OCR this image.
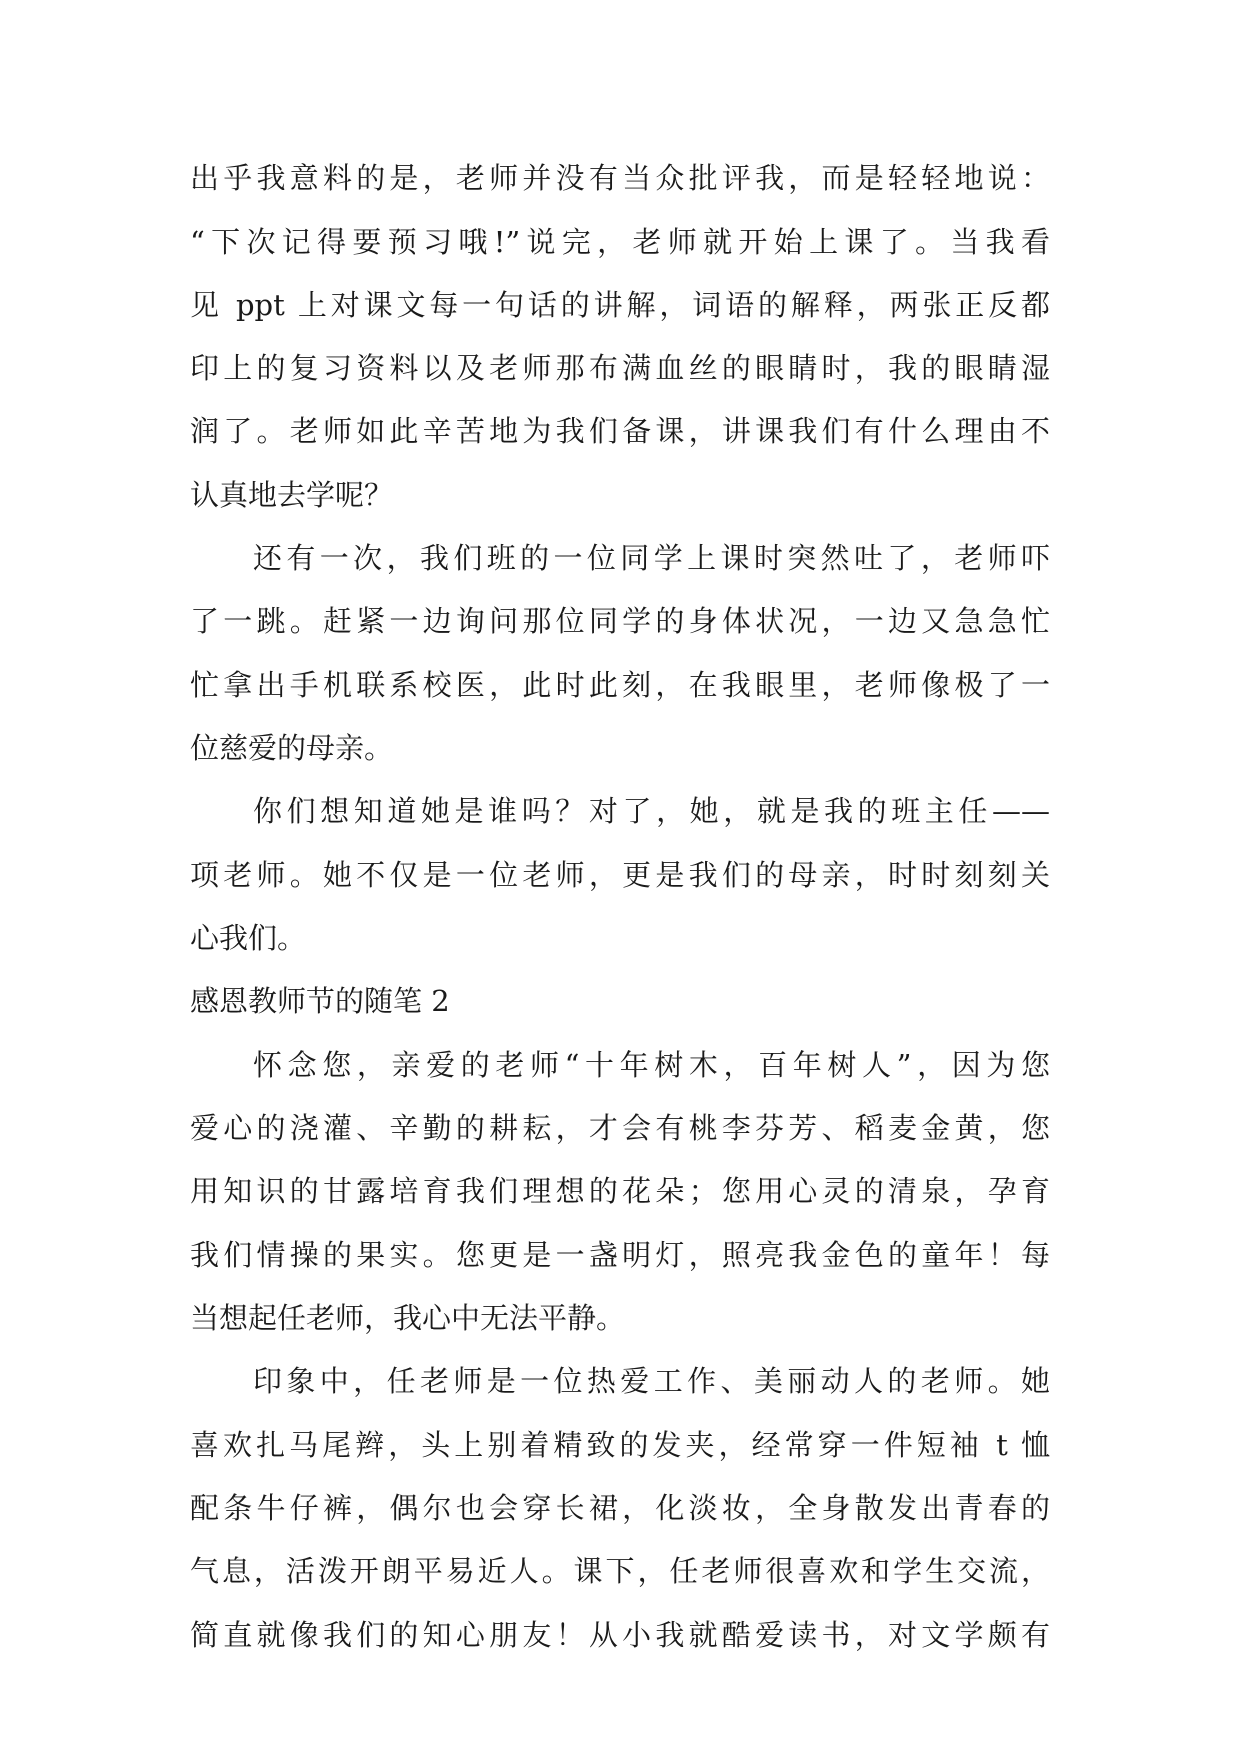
出乎我意料的是，老师并没有当众批评我，而是轻轻地说：
“下次记得要预习哦!”说完，老师就开始上课了。当我看
见 ppt 上对课文每一句话的讲解，词语的解释，两张正反都
印上的复习资料以及老师那布满血丝的眼睛时，我的眼睛湿
润了。老师如此辛苦地为我们备课，讲课我们有什么理由不
认真地去学呢？
还有一次，我们班的一位同学上课时突然吐了，老师吓
了一跳。赶紧一边询问那位同学的身体状况，一边又急急忙
忙拿出手机联系校医，此时此刻，在我眼里，老师像极了一
位慈爱的母亲。
你们想知道她是谁吗？对了，她，就是我的班主任——
项老师。她不仅是一位老师，更是我们的母亲，时时刻刻关
心我们。
感恩教师节的随笔 2
怀念您，亲爱的老师“十年树木，百年树人”，因为您
爱心的浇灌、辛勤的耕耘，才会有桃李芬芳、稻麦金黄，您
用知识的甘露培育我们理想的花朵；您用心灵的清泉，孕育
我们情操的果实。您更是一盏明灯，照亮我金色的童年！每
当想起任老师，我心中无法平静。
印象中，任老师是一位热爱工作、美丽动人的老师。她
喜欢扎马尾辫，头上别着精致的发夹，经常穿一件短袖 t 恤
配条牛仔裤，偶尔也会穿长裙，化淡妆，全身散发出青春的
气息，活泼开朗平易近人。课下，任老师很喜欢和学生交流，
简直就像我们的知心朋友！从小我就酷爱读书，对文学颇有
